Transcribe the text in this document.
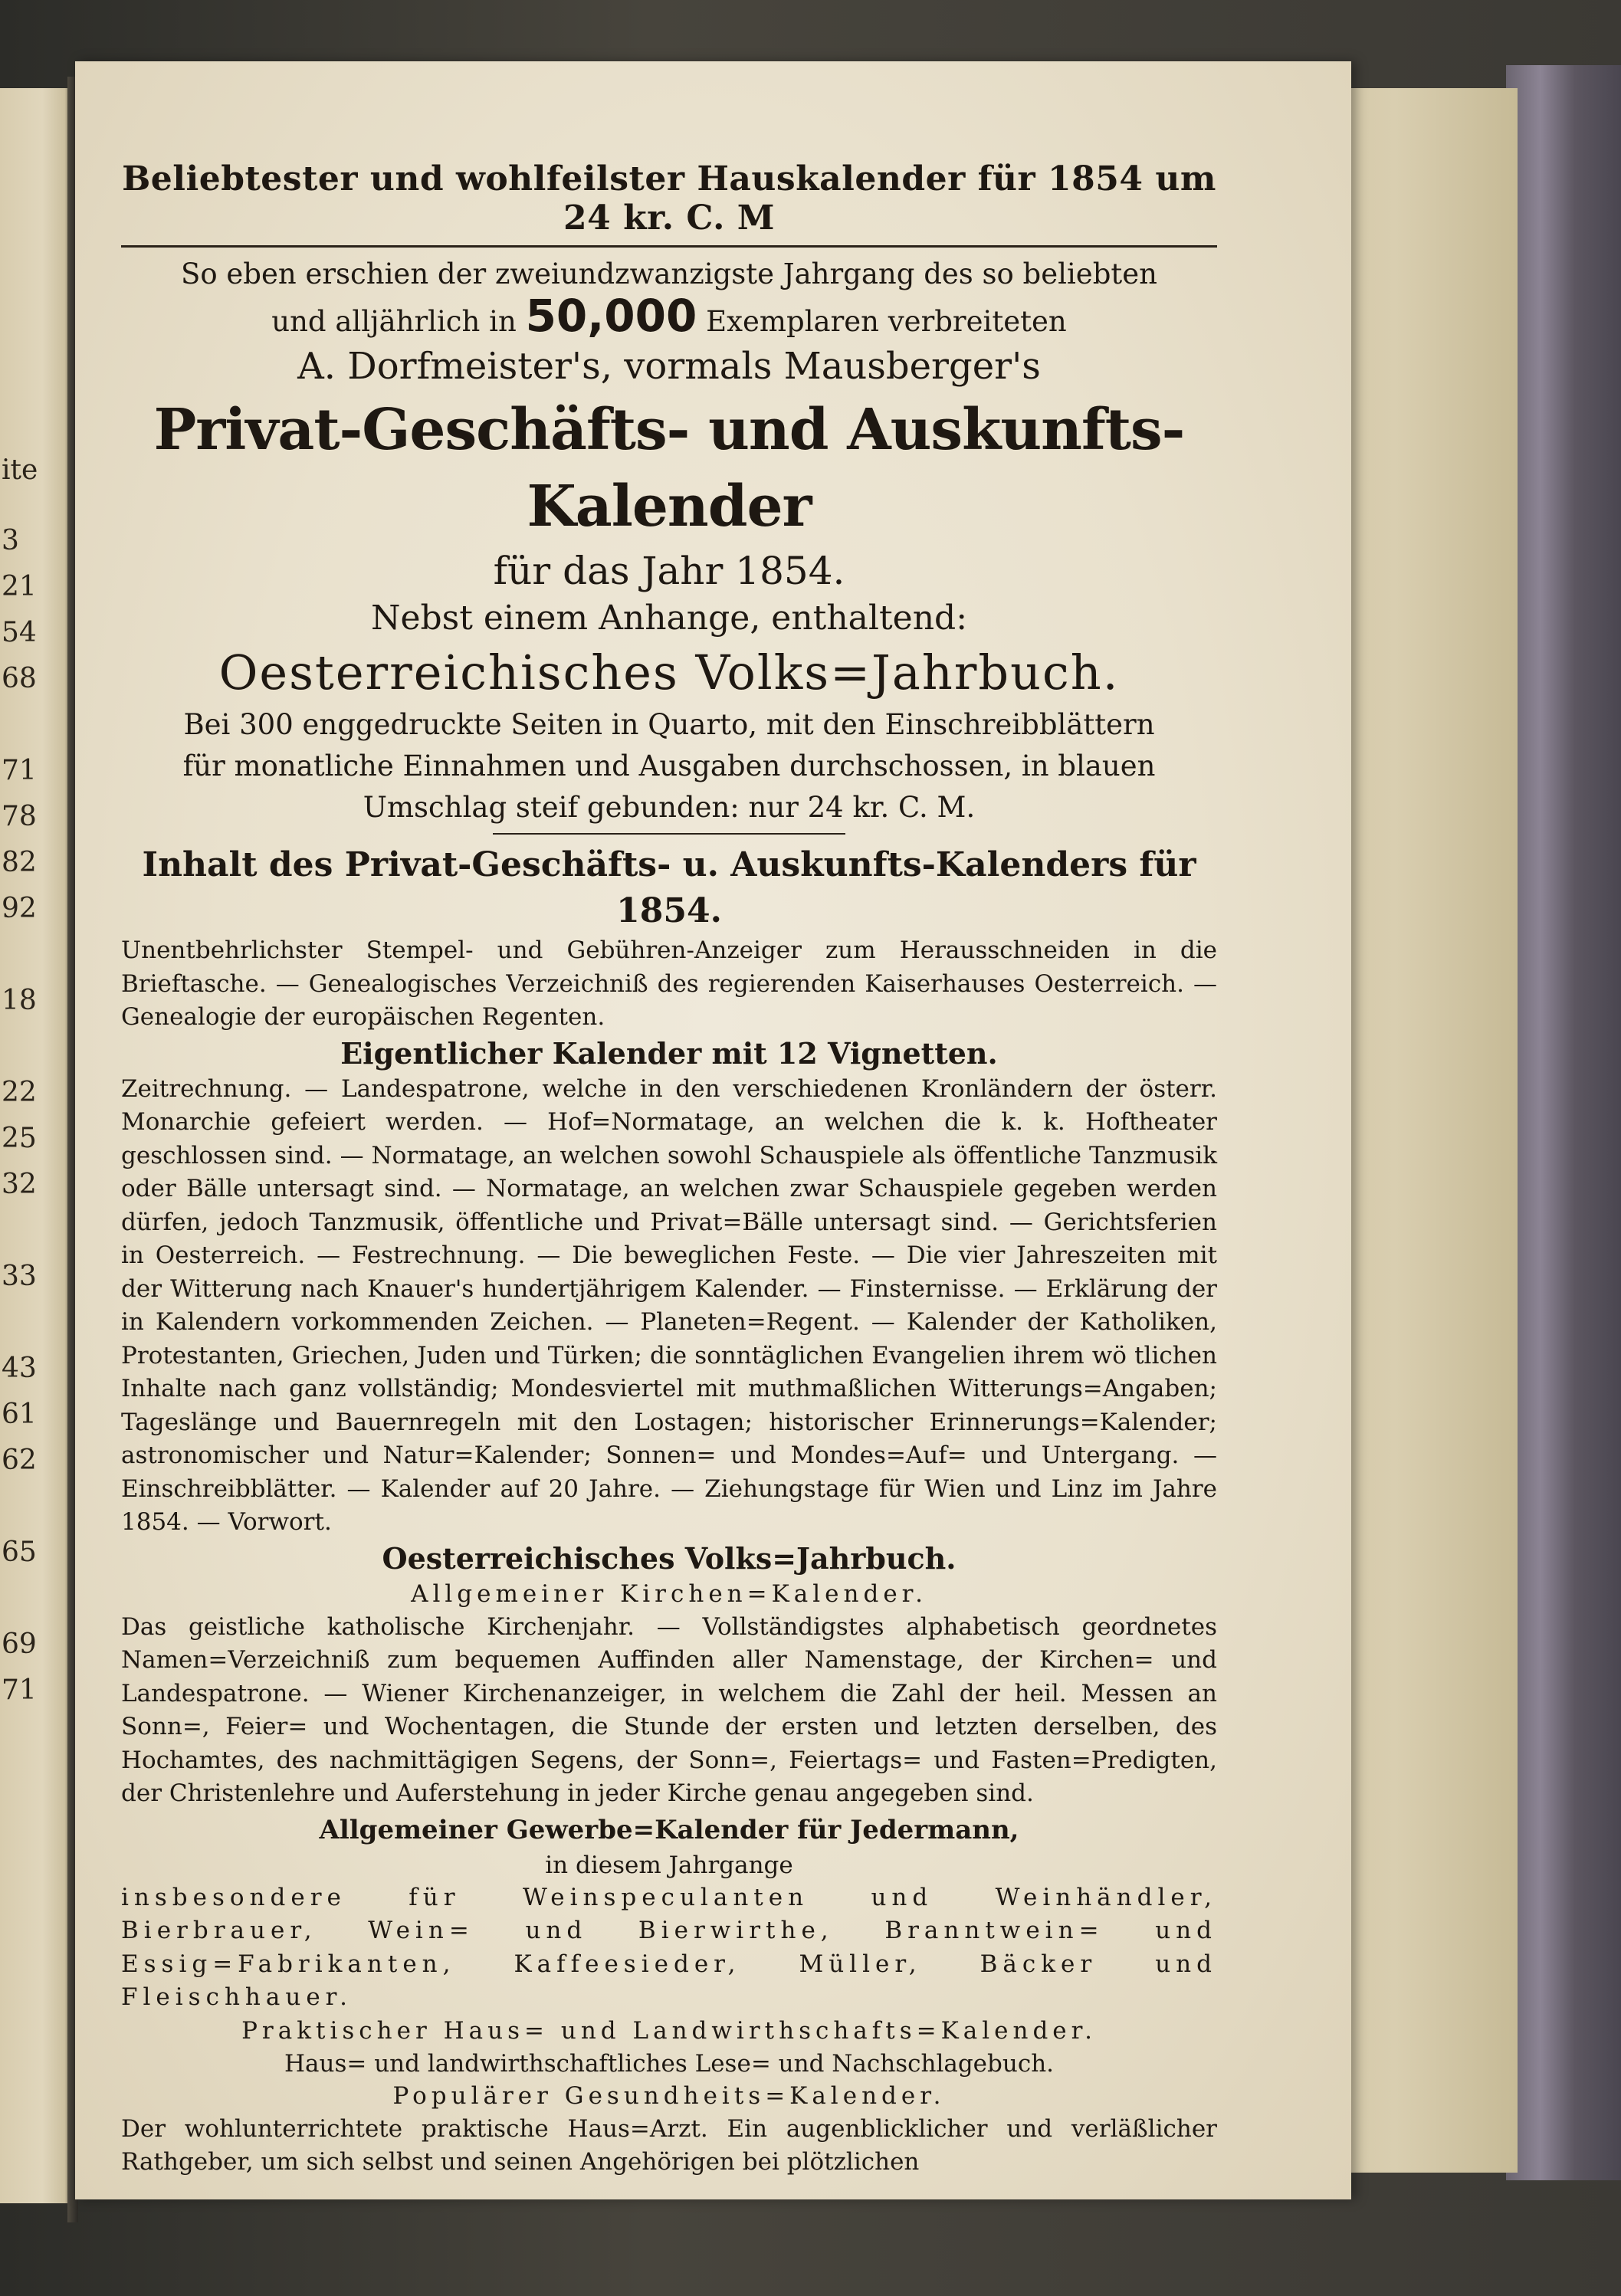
ite
3
21
54
68
71
78
82
92
18
22
25
32
33
43
61
62
65
69
71
Beliebtester und wohlfeilster Hauskalender für 1854 um 24 kr. C. M

So eben erschien der zweiundzwanzigste Jahrgang des so beliebten

und alljährlich in 50,000 Exemplaren verbreiteten

A. Dorfmeister's, vormals Mausberger's

Privat-Geschäfts- und Auskunfts-Kalender

für das Jahr 1854.

Nebst einem Anhange, enthaltend:

Oesterreichisches Volks=Jahrbuch.

Bei 300 enggedruckte Seiten in Quarto, mit den Einschreibblättern

für monatliche Einnahmen und Ausgaben durchschossen, in blauen

Umschlag steif gebunden: nur 24 kr. C. M.

Inhalt des Privat-Geschäfts- u. Auskunfts-Kalenders für 1854.

Unentbehrlichster Stempel- und Gebühren-Anzeiger zum Herausschneiden in die Brieftasche. — Genealogisches Verzeichniß des regierenden Kaiserhauses Oesterreich. — Genealogie der europäischen Regenten.

Eigentlicher Kalender mit 12 Vignetten.

Zeitrechnung. — Landespatrone, welche in den verschiedenen Kronländern der österr. Monarchie gefeiert werden. — Hof=Normatage, an welchen die k. k. Hoftheater geschlossen sind. — Normatage, an welchen sowohl Schauspiele als öffentliche Tanzmusik oder Bälle untersagt sind. — Normatage, an welchen zwar Schauspiele gegeben werden dürfen, jedoch Tanzmusik, öffentliche und Privat=Bälle untersagt sind. — Gerichtsferien in Oesterreich. — Festrechnung. — Die beweglichen Feste. — Die vier Jahreszeiten mit der Witterung nach Knauer's hundertjährigem Kalender. — Finsternisse. — Erklärung der in Kalendern vorkommenden Zeichen. — Planeten=Regent. — Kalender der Katholiken, Protestanten, Griechen, Juden und Türken; die sonntäglichen Evangelien ihrem wö tlichen Inhalte nach ganz vollständig; Mondesviertel mit muthmaßlichen Witterungs=Angaben; Tageslänge und Bauernregeln mit den Lostagen; historischer Erinnerungs=Kalender; astronomischer und Natur=Kalender; Sonnen= und Mondes=Auf= und Untergang. — Einschreibblätter. — Kalender auf 20 Jahre. — Ziehungstage für Wien und Linz im Jahre 1854. — Vorwort.

Oesterreichisches Volks=Jahrbuch.

Allgemeiner Kirchen=Kalender.

Das geistliche katholische Kirchenjahr. — Vollständigstes alphabetisch geordnetes Namen=Verzeichniß zum bequemen Auffinden aller Namenstage, der Kirchen= und Landespatrone. — Wiener Kirchenanzeiger, in welchem die Zahl der heil. Messen an Sonn=, Feier= und Wochentagen, die Stunde der ersten und letzten derselben, des Hochamtes, des nachmittägigen Segens, der Sonn=, Feiertags= und Fasten=Predigten, der Christenlehre und Auferstehung in jeder Kirche genau angegeben sind.

Allgemeiner Gewerbe=Kalender für Jedermann,

in diesem Jahrgange

insbesondere für Weinspeculanten und Weinhändler, Bierbrauer, Wein= und Bierwirthe, Branntwein= und Essig=Fabrikanten, Kaffeesieder, Müller, Bäcker und Fleischhauer.

Praktischer Haus= und Landwirthschafts=Kalender.

Haus= und landwirthschaftliches Lese= und Nachschlagebuch.

Populärer Gesundheits=Kalender.

Der wohlunterrichtete praktische Haus=Arzt. Ein augenblicklicher und verläßlicher Rathgeber, um sich selbst und seinen Angehörigen bei plötzlichen
